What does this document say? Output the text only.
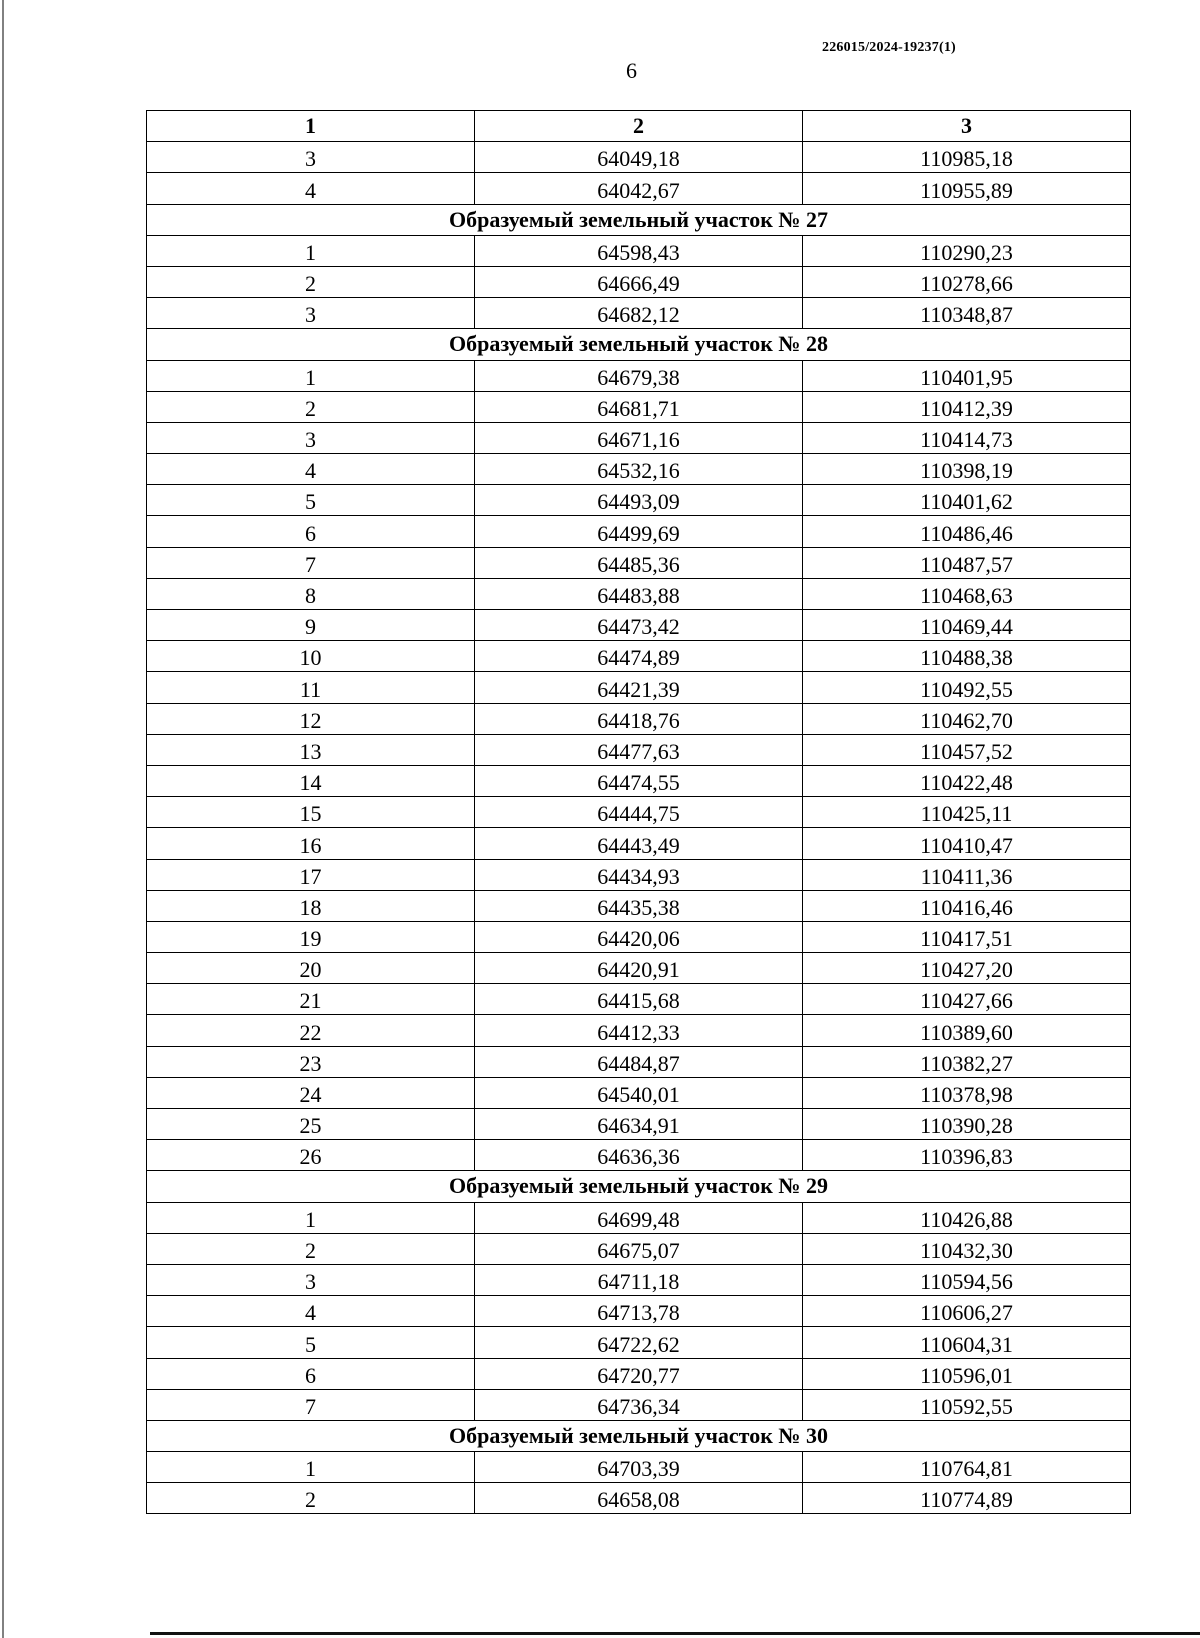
226015/2024-19237(1)
6
1	2	3
3	64049,18	110985,18
4	64042,67	110955,89
Образуемый земельный участок № 27		
1	64598,43	110290,23
2	64666,49	110278,66
3	64682,12	110348,87
Образуемый земельный участок № 28		
1	64679,38	110401,95
2	64681,71	110412,39
3	64671,16	110414,73
4	64532,16	110398,19
5	64493,09	110401,62
6	64499,69	110486,46
7	64485,36	110487,57
8	64483,88	110468,63
9	64473,42	110469,44
10	64474,89	110488,38
11	64421,39	110492,55
12	64418,76	110462,70
13	64477,63	110457,52
14	64474,55	110422,48
15	64444,75	110425,11
16	64443,49	110410,47
17	64434,93	110411,36
18	64435,38	110416,46
19	64420,06	110417,51
20	64420,91	110427,20
21	64415,68	110427,66
22	64412,33	110389,60
23	64484,87	110382,27
24	64540,01	110378,98
25	64634,91	110390,28
26	64636,36	110396,83
Образуемый земельный участок № 29		
1	64699,48	110426,88
2	64675,07	110432,30
3	64711,18	110594,56
4	64713,78	110606,27
5	64722,62	110604,31
6	64720,77	110596,01
7	64736,34	110592,55
Образуемый земельный участок № 30		
1	64703,39	110764,81
2	64658,08	110774,89
